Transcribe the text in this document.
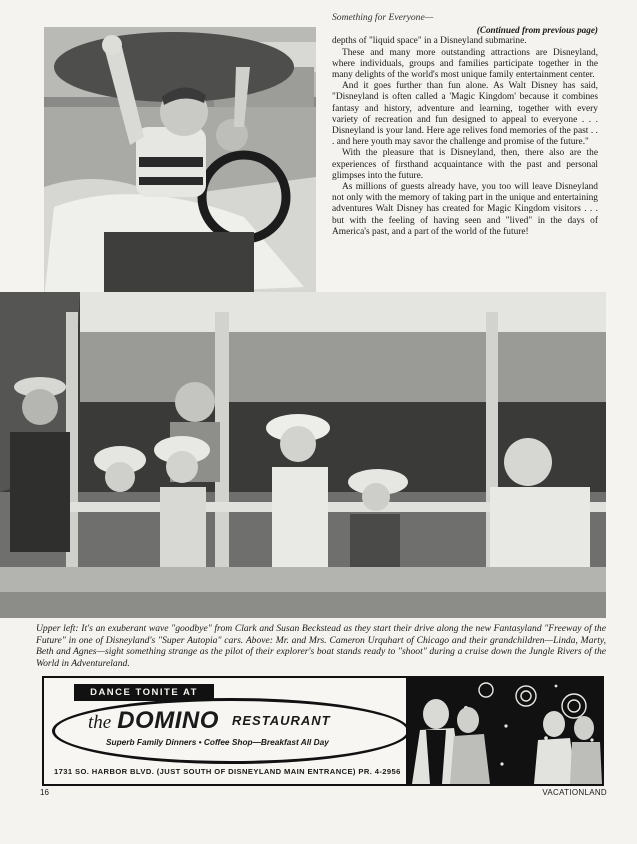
Something for Everyone—
(Continued from previous page)

depths of "liquid space" in a Disneyland submarine.

These and many more outstanding attractions are Disneyland, where individuals, groups and families participate together in the many delights of the world's most unique family entertainment center.

And it goes further than fun alone. As Walt Disney has said, "Disneyland is often called a 'Magic Kingdom' because it combines fantasy and history, adventure and learning, together with every variety of recreation and fun designed to appeal to everyone . . . Disneyland is your land. Here age relives fond memories of the past . . . and here youth may savor the challenge and promise of the future."

With the pleasure that is Disneyland, then, there also are the experiences of firsthand acquaintance with the past and personal glimpses into the future.

As millions of guests already have, you too will leave Disneyland not only with the memory of taking part in the unique and entertaining adventures Walt Disney has created for Magic Kingdom visitors . . . but with the feeling of having seen and "lived" in the days of America's past, and a part of the world of the future!

Upper left: It's an exuberant wave "goodbye" from Clark and Susan Beckstead as they start their drive along the new Fantasyland "Freeway of the Future" in one of Disneyland's "Super Autopia" cars. Above: Mr. and Mrs. Cameron Urquhart of Chicago and their grandchildren—Linda, Marty, Beth and Agnes—sight something strange as the pilot of their explorer's boat stands ready to "shoot" during a cruise down the Jungle Rivers of the World in Adventureland.
DANCE TONITE AT
the DOMINO RESTAURANT
Superb Family Dinners • Coffee Shop—Breakfast All Day
1731 SO. HARBOR BLVD. (JUST SOUTH OF DISNEYLAND MAIN ENTRANCE) PR. 4-2956
16	VACATIONLAND
